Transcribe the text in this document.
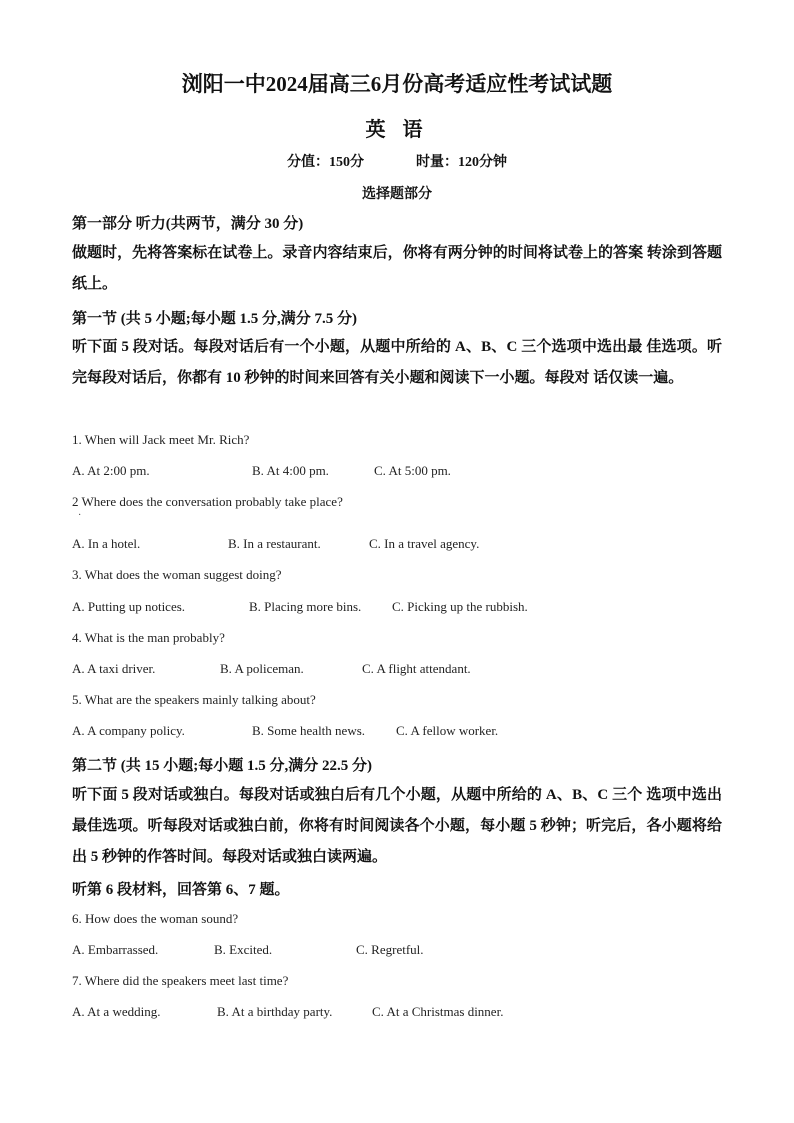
浏阳一中2024届高三6月份高考适应性考试试题
英 语
分值：150分	时量：120分钟
选择题部分
第一部分 听力(共两节，满分 30 分)
做题时，先将答案标在试卷上。录音内容结束后，你将有两分钟的时间将试卷上的答案 转涂到答题纸上。
第一节 (共 5 小题;每小题 1.5 分,满分 7.5 分)
听下面 5 段对话。每段对话后有一个小题，从题中所给的 A、B、C 三个选项中选出最 佳选项。听完每段对话后，你都有 10 秒钟的时间来回答有关小题和阅读下一小题。每段对 话仅读一遍。
1. When will Jack meet Mr. Rich?
A. At 2:00 pm.	B. At 4:00 pm.	C. At 5:00 pm.
2 Where does the conversation probably take place?
·
A. In a hotel.	B. In a restaurant.	C. In a travel agency.
3. What does the woman suggest doing?
A. Putting up notices.	B. Placing more bins. C. Picking up the rubbish.
4. What is the man probably?
A. A taxi driver.	B. A policeman.	C. A flight attendant.
5. What are the speakers mainly talking about?
A. A company policy.	B. Some health news. C. A fellow worker.
第二节 (共 15 小题;每小题 1.5 分,满分 22.5 分)
听下面 5 段对话或独白。每段对话或独白后有几个小题，从题中所给的 A、B、C 三个 选项中选出最佳选项。听每段对话或独白前，你将有时间阅读各个小题，每小题 5 秒钟；听完后，各小题将给出 5 秒钟的作答时间。每段对话或独白读两遍。
听第 6 段材料，回答第 6、7 题。
6. How does the woman sound?
A. Embarrassed.	B. Excited.	C. Regretful.
7. Where did the speakers meet last time?
A. At a wedding.	B. At a birthday party.	C. At a Christmas dinner.
